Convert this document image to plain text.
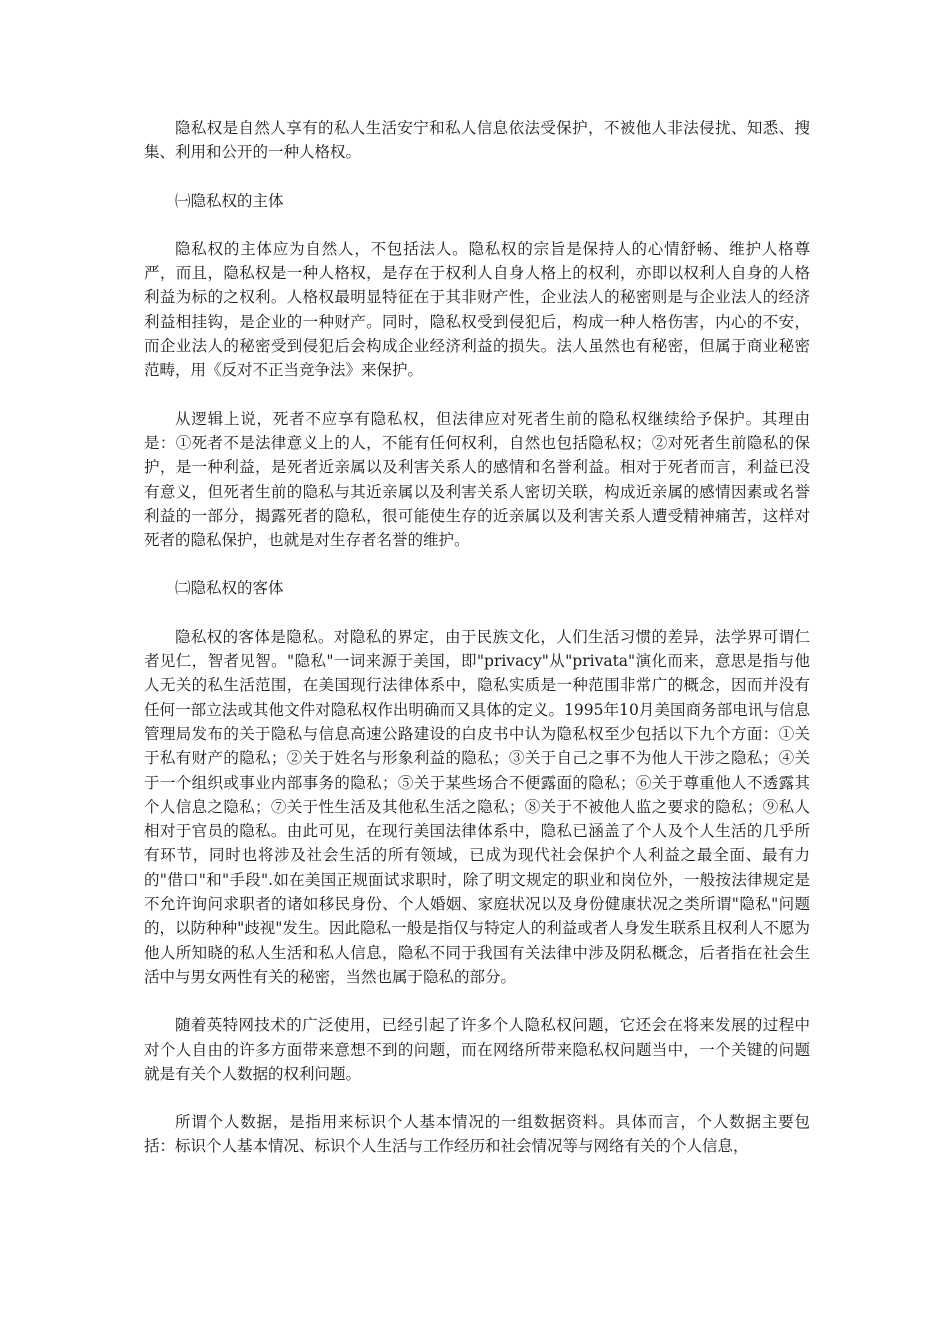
隐私权是自然人享有的私人生活安宁和私人信息依法受保护，不被他人非法侵扰、知悉、搜集、利用和公开的一种人格权。

㈠隐私权的主体

隐私权的主体应为自然人，不包括法人。隐私权的宗旨是保持人的心情舒畅、维护人格尊严，而且，隐私权是一种人格权，是存在于权利人自身人格上的权利，亦即以权利人自身的人格利益为标的之权利。人格权最明显特征在于其非财产性，企业法人的秘密则是与企业法人的经济利益相挂钩，是企业的一种财产。同时，隐私权受到侵犯后，构成一种人格伤害，内心的不安，而企业法人的秘密受到侵犯后会构成企业经济利益的损失。法人虽然也有秘密，但属于商业秘密范畴，用《反对不正当竞争法》来保护。

从逻辑上说，死者不应享有隐私权，但法律应对死者生前的隐私权继续给予保护。其理由是：①死者不是法律意义上的人，不能有任何权利，自然也包括隐私权；②对死者生前隐私的保护，是一种利益，是死者近亲属以及利害关系人的感情和名誉利益。相对于死者而言，利益已没有意义，但死者生前的隐私与其近亲属以及利害关系人密切关联，构成近亲属的感情因素或名誉利益的一部分，揭露死者的隐私，很可能使生存的近亲属以及利害关系人遭受精神痛苦，这样对死者的隐私保护，也就是对生存者名誉的维护。

㈡隐私权的客体

隐私权的客体是隐私。对隐私的界定，由于民族文化，人们生活习惯的差异，法学界可谓仁者见仁，智者见智。"隐私"一词来源于美国，即"privacy"从"privata"演化而来，意思是指与他人无关的私生活范围，在美国现行法律体系中，隐私实质是一种范围非常广的概念，因而并没有任何一部立法或其他文件对隐私权作出明确而又具体的定义。1995年10月美国商务部电讯与信息管理局发布的关于隐私与信息高速公路建设的白皮书中认为隐私权至少包括以下九个方面：①关于私有财产的隐私；②关于姓名与形象利益的隐私；③关于自己之事不为他人干涉之隐私；④关于一个组织或事业内部事务的隐私；⑤关于某些场合不便露面的隐私；⑥关于尊重他人不透露其个人信息之隐私；⑦关于性生活及其他私生活之隐私；⑧关于不被他人监之要求的隐私；⑨私人相对于官员的隐私。由此可见，在现行美国法律体系中，隐私已涵盖了个人及个人生活的几乎所有环节，同时也将涉及社会生活的所有领域，已成为现代社会保护个人利益之最全面、最有力的"借口"和"手段".如在美国正规面试求职时，除了明文规定的职业和岗位外，一般按法律规定是不允许询问求职者的诸如移民身份、个人婚姻、家庭状况以及身份健康状况之类所谓"隐私"问题的，以防种种"歧视"发生。因此隐私一般是指仅与特定人的利益或者人身发生联系且权利人不愿为他人所知晓的私人生活和私人信息，隐私不同于我国有关法律中涉及阴私概念，后者指在社会生活中与男女两性有关的秘密，当然也属于隐私的部分。

随着英特网技术的广泛使用，已经引起了许多个人隐私权问题，它还会在将来发展的过程中对个人自由的许多方面带来意想不到的问题，而在网络所带来隐私权问题当中，一个关键的问题就是有关个人数据的权利问题。

所谓个人数据，是指用来标识个人基本情况的一组数据资料。具体而言，个人数据主要包括：标识个人基本情况、标识个人生活与工作经历和社会情况等与网络有关的个人信息，
